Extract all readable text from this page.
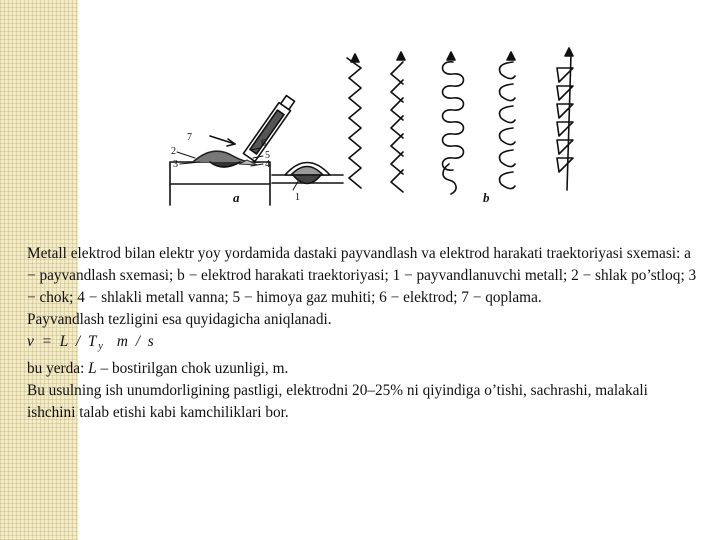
7
2
3
6
5
4
1
a	b

Metall elektrod bilan elektr yoy yordamida dastaki payvandlash va elektrod harakati traektoriyasi sxemasi: a − payvandlash sxemasi; b − elektrod harakati traektoriyasi; 1 − payvandlanuvchi metall; 2 − shlak po’stloq; 3 − chok; 4 − shlakli metall vanna; 5 − himoya gaz muhiti; 6 − elektrod; 7 − qoplama.

Payvandlash tezligini esa quyidagicha aniqlanadi.

$v = L / T_y$ m / s

bu yerda: L – bostirilgan chok uzunligi, m.

Bu usulning ish unumdorligining pastligi, elektrodni 20–25% ni qiyindiga o’tishi, sachrashi, malakali ishchini talab etishi kabi kamchiliklari bor.
